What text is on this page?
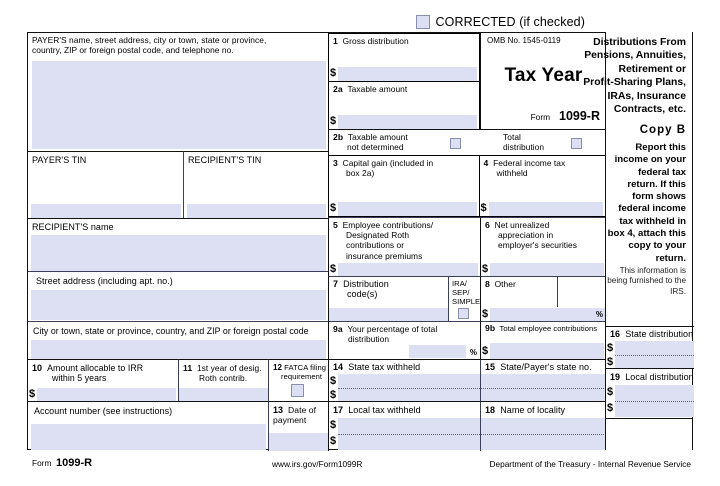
CORRECTED (if checked)
PAYER'S name, street address, city or town, state or province,
country, ZIP or foreign postal code, and telephone no.
1 Gross distribution
$
2a Taxable amount
$
OMB No. 1545-0119
Tax Year
Form 1099-R
2b Taxable amount
not determined
Total
distribution
PAYER'S TIN	RECIPIENT'S TIN	3 Capital gain (included in
box 2a)
$
4 Federal income tax
withheld
$
RECIPIENT'S name	5 Employee contributions/
Designated Roth
contributions or
insurance premiums
$
6 Net unrealized
appreciation in
employer's securities
$
Street address (including apt. no.)	7 Distribution
code(s)
IRA/
SEP/
SIMPLE
8 Other
$	%
City or town, state or province, country, and ZIP or foreign postal code	9a Your percentage of total
distribution
%
9b Total employee contributions
$
10 Amount allocable to IRR
within 5 years
$
11 1st year of desig.
Roth contrib.
12 FATCA filing
requirement
14 State tax withheld
$
$
15 State/Payer's state no.
Account number (see instructions)	13 Date of
payment
17 Local tax withheld
$
$
18 Name of locality
Distributions From
Pensions, Annuities,
Retirement or
Profit-Sharing Plans,
IRAs, Insurance
Contracts, etc.
Copy B
Report this income on your federal tax return. If this form shows federal income tax withheld in box 4, attach this copy to your return.
This information is being furnished to the IRS.
16 State distribution
$
$
19 Local distribution
$
$
Form 1099-R	www.irs.gov/Form1099R	Department of the Treasury - Internal Revenue Service
